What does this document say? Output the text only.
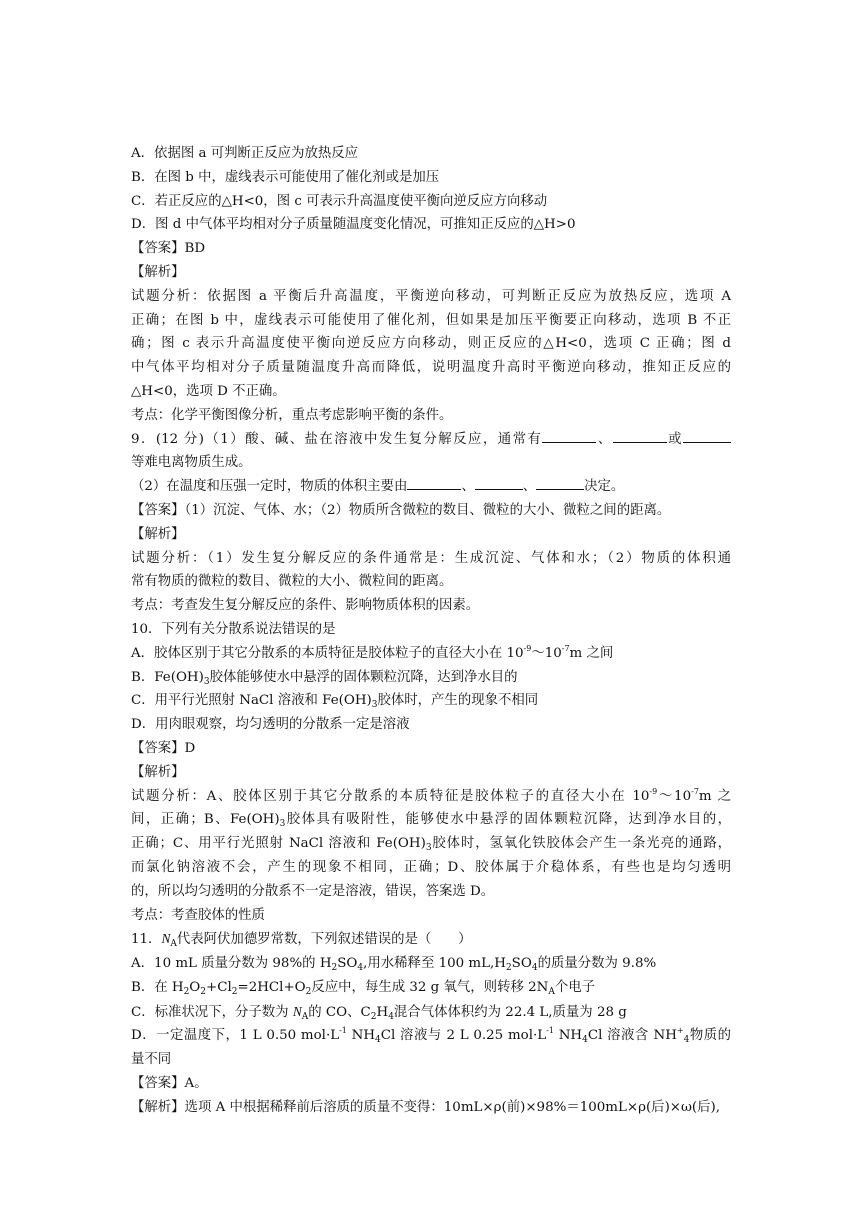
A．依据图 a 可判断正反应为放热反应
B．在图 b 中，虚线表示可能使用了催化剂或是加压
C．若正反应的△H<0，图 c 可表示升高温度使平衡向逆反应方向移动
D．图 d 中气体平均相对分子质量随温度变化情况，可推知正反应的△H>0
【答案】BD
【解析】
试题分析：依据图 a 平衡后升高温度，平衡逆向移动，可判断正反应为放热反应，选项 A
正确；在图 b 中，虚线表示可能使用了催化剂，但如果是加压平衡要正向移动，选项 B 不正
确；图 c 表示升高温度使平衡向逆反应方向移动，则正反应的△H<0，选项 C 正确；图 d
中气体平均相对分子质量随温度升高而降低，说明温度升高时平衡逆向移动，推知正反应的
△H<0，选项 D 不正确。
考点：化学平衡图像分析，重点考虑影响平衡的条件。
9．(12 分)（1）酸、碱、盐在溶液中发生复分解反应，通常有	、	或
等难电离物质生成。
（2）在温度和压强一定时，物质的体积主要由	、	、	决定。
【答案】（1）沉淀、气体、水；（2）物质所含微粒的数目、微粒的大小、微粒之间的距离。
【解析】
试题分析：（1）发生复分解反应的条件通常是：生成沉淀、气体和水；（2）物质的体积通
常有物质的微粒的数目、微粒的大小、微粒间的距离。
考点：考查发生复分解反应的条件、影响物质体积的因素。
10．下列有关分散系说法错误的是
A．胶体区别于其它分散系的本质特征是胶体粒子的直径大小在 $10^{-9}\sim 10^{-7}m$ 之间
B．$Fe(OH)_3$胶体能够使水中悬浮的固体颗粒沉降，达到净水目的
C．用平行光照射 NaCl 溶液和 $Fe(OH)_3$胶体时，产生的现象不相同
D．用肉眼观察，均匀透明的分散系一定是溶液
【答案】D
【解析】
试题分析：A、胶体区别于其它分散系的本质特征是胶体粒子的直径大小在 $10^{-9}\sim 10^{-7}m$ 之
间，正确；B、$Fe(OH)_3$胶体具有吸附性，能够使水中悬浮的固体颗粒沉降，达到净水目的，
正确；C、用平行光照射 NaCl 溶液和 $Fe(OH)_3$胶体时，氢氧化铁胶体会产生一条光亮的通路，
而氯化钠溶液不会，产生的现象不相同，正确；D、胶体属于介稳体系，有些也是均匀透明
的，所以均匀透明的分散系不一定是溶液，错误，答案选 D。
考点：考查胶体的性质
11．$N_A$代表阿伏加德罗常数，下列叙述错误的是（　　）
A．10 mL 质量分数为 98%的 $H_2SO_4$,用水稀释至 100 $mL,H_2SO_4$的质量分数为 9.8%
B．在 $H_2O_2+Cl_2=2HCl+O_2$反应中，每生成 32 g 氧气，则转移 $2N_A$个电子
C．标准状况下，分子数为 $N_A$的 CO、$C_2H_4$混合气体体积约为 22.4 L,质量为 28 g
D．一定温度下，1 L 0.50 $mol\cdot L^{-1}$ $NH_4Cl$ 溶液与 2 L 0.25 $mol\cdot L^{-1}$ $NH_4Cl$ 溶液含 $NH^+_4$物质的
量不同
【答案】A。
【解析】选项 A 中根据稀释前后溶质的质量不变得：10mL×ρ(前)×98%＝100mL×ρ(后)×ω(后),
